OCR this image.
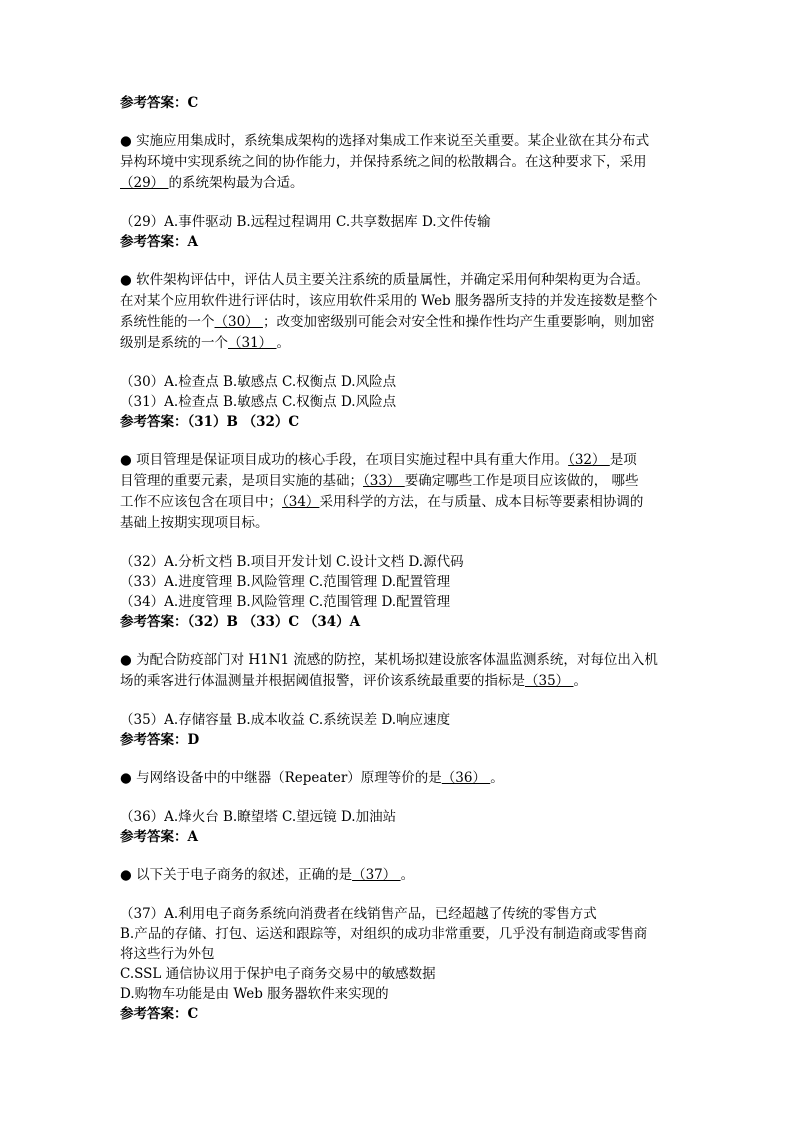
参考答案：C
● 实施应用集成时，系统集成架构的选择对集成工作来说至关重要。某企业欲在其分布式
异构环境中实现系统之间的协作能力，并保持系统之间的松散耦合。在这种要求下，采用
（29） 的系统架构最为合适。
（29）A.事件驱动 B.远程过程调用 C.共享数据库 D.文件传输
参考答案：A
● 软件架构评估中，评估人员主要关注系统的质量属性，并确定采用何种架构更为合适。
在对某个应用软件进行评估时，该应用软件采用的 Web 服务器所支持的并发连接数是整个
系统性能的一个（30） ；改变加密级别可能会对安全性和操作性均产生重要影响，则加密
级别是系统的一个（31） 。
（30）A.检查点 B.敏感点 C.权衡点 D.风险点
（31）A.检查点 B.敏感点 C.权衡点 D.风险点
参考答案：（31）B （32）C
● 项目管理是保证项目成功的核心手段，在项目实施过程中具有重大作用。（32） 是项
目管理的重要元素，是项目实施的基础；（33） 要确定哪些工作是项目应该做的， 哪些
工作不应该包含在项目中；（34）采用科学的方法，在与质量、成本目标等要素相协调的
基础上按期实现项目标。
（32）A.分析文档 B.项目开发计划 C.设计文档 D.源代码
（33）A.进度管理 B.风险管理 C.范围管理 D.配置管理
（34）A.进度管理 B.风险管理 C.范围管理 D.配置管理
参考答案：（32）B （33）C （34）A
● 为配合防疫部门对 H1N1 流感的防控，某机场拟建设旅客体温监测系统，对每位出入机
场的乘客进行体温测量并根据阈值报警，评价该系统最重要的指标是（35） 。
（35）A.存储容量 B.成本收益 C.系统误差 D.响应速度
参考答案：D
● 与网络设备中的中继器（Repeater）原理等价的是（36） 。
（36）A.烽火台 B.瞭望塔 C.望远镜 D.加油站
参考答案：A
● 以下关于电子商务的叙述，正确的是（37） 。
（37）A.利用电子商务系统向消费者在线销售产品，已经超越了传统的零售方式
B.产品的存储、打包、运送和跟踪等，对组织的成功非常重要，几乎没有制造商或零售商
将这些行为外包
C.SSL 通信协议用于保护电子商务交易中的敏感数据
D.购物车功能是由 Web 服务器软件来实现的
参考答案：C
